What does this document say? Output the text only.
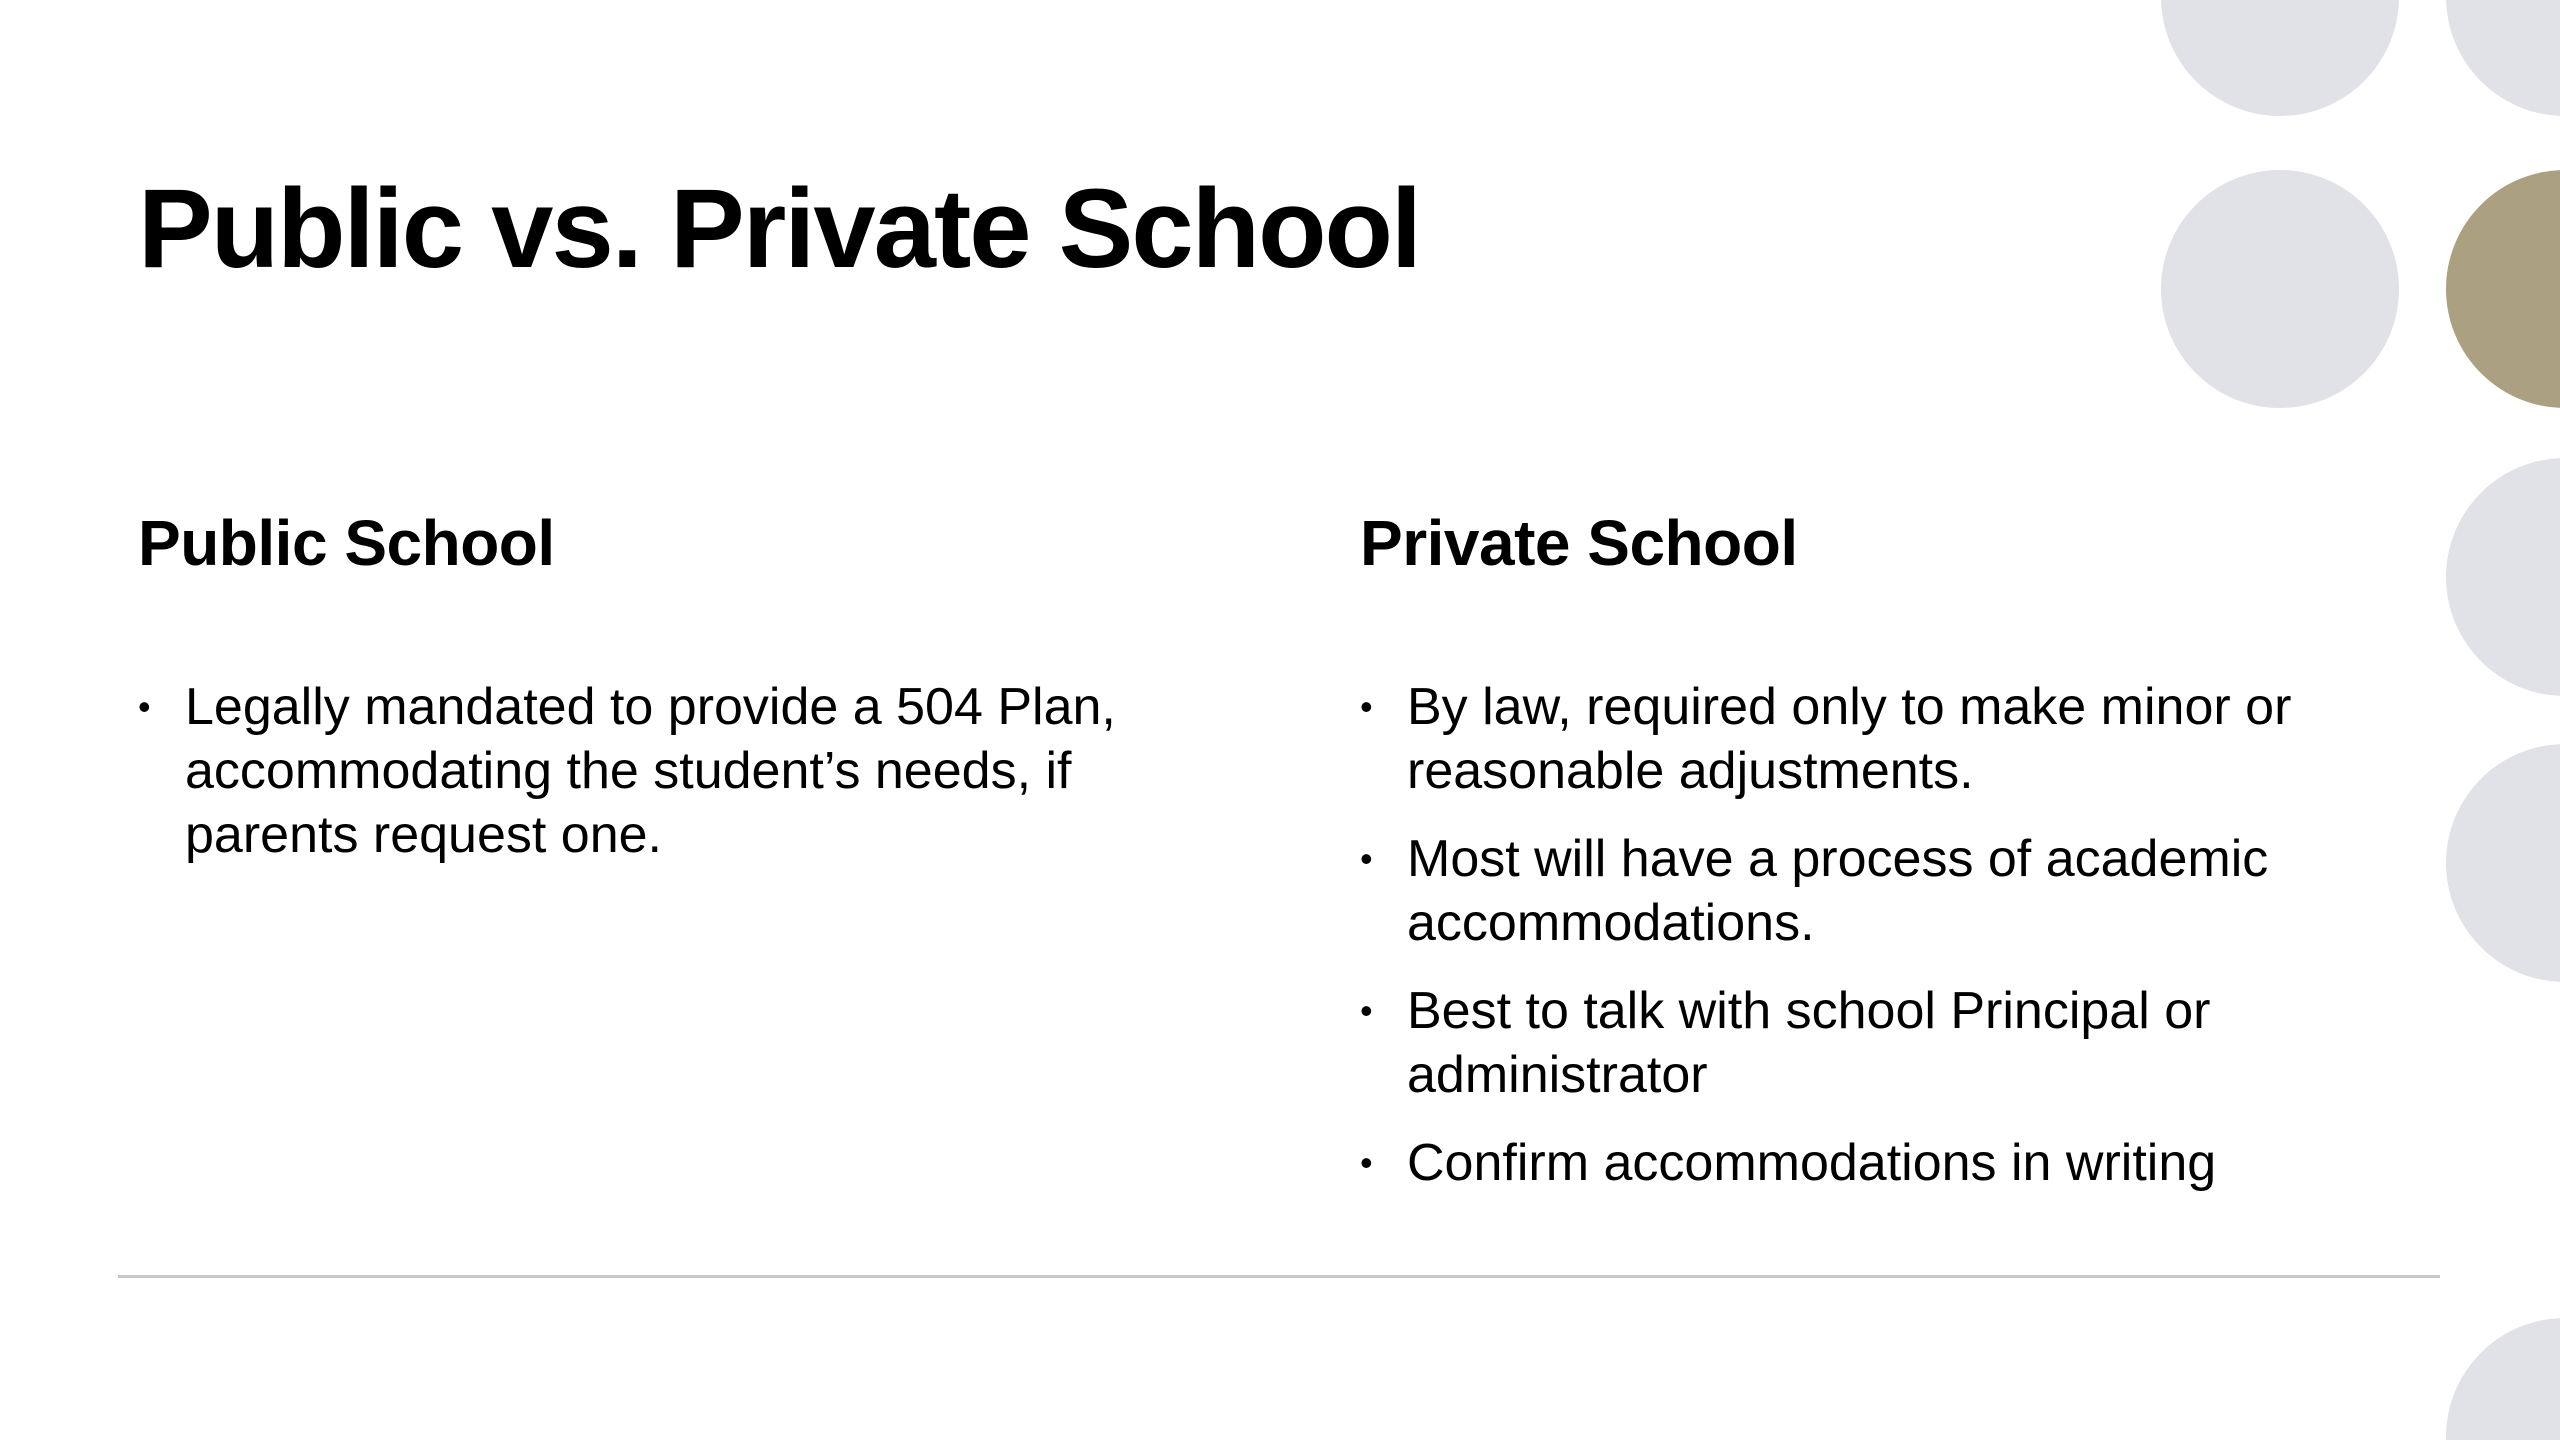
Public vs. Private School
Public School
• Legally mandated to provide a 504 Plan, accommodating the student’s needs, if parents request one.
Private School
• By law, required only to make minor or reasonable adjustments.
• Most will have a process of academic accommodations.
• Best to talk with school Principal or administrator
• Confirm accommodations in writing
